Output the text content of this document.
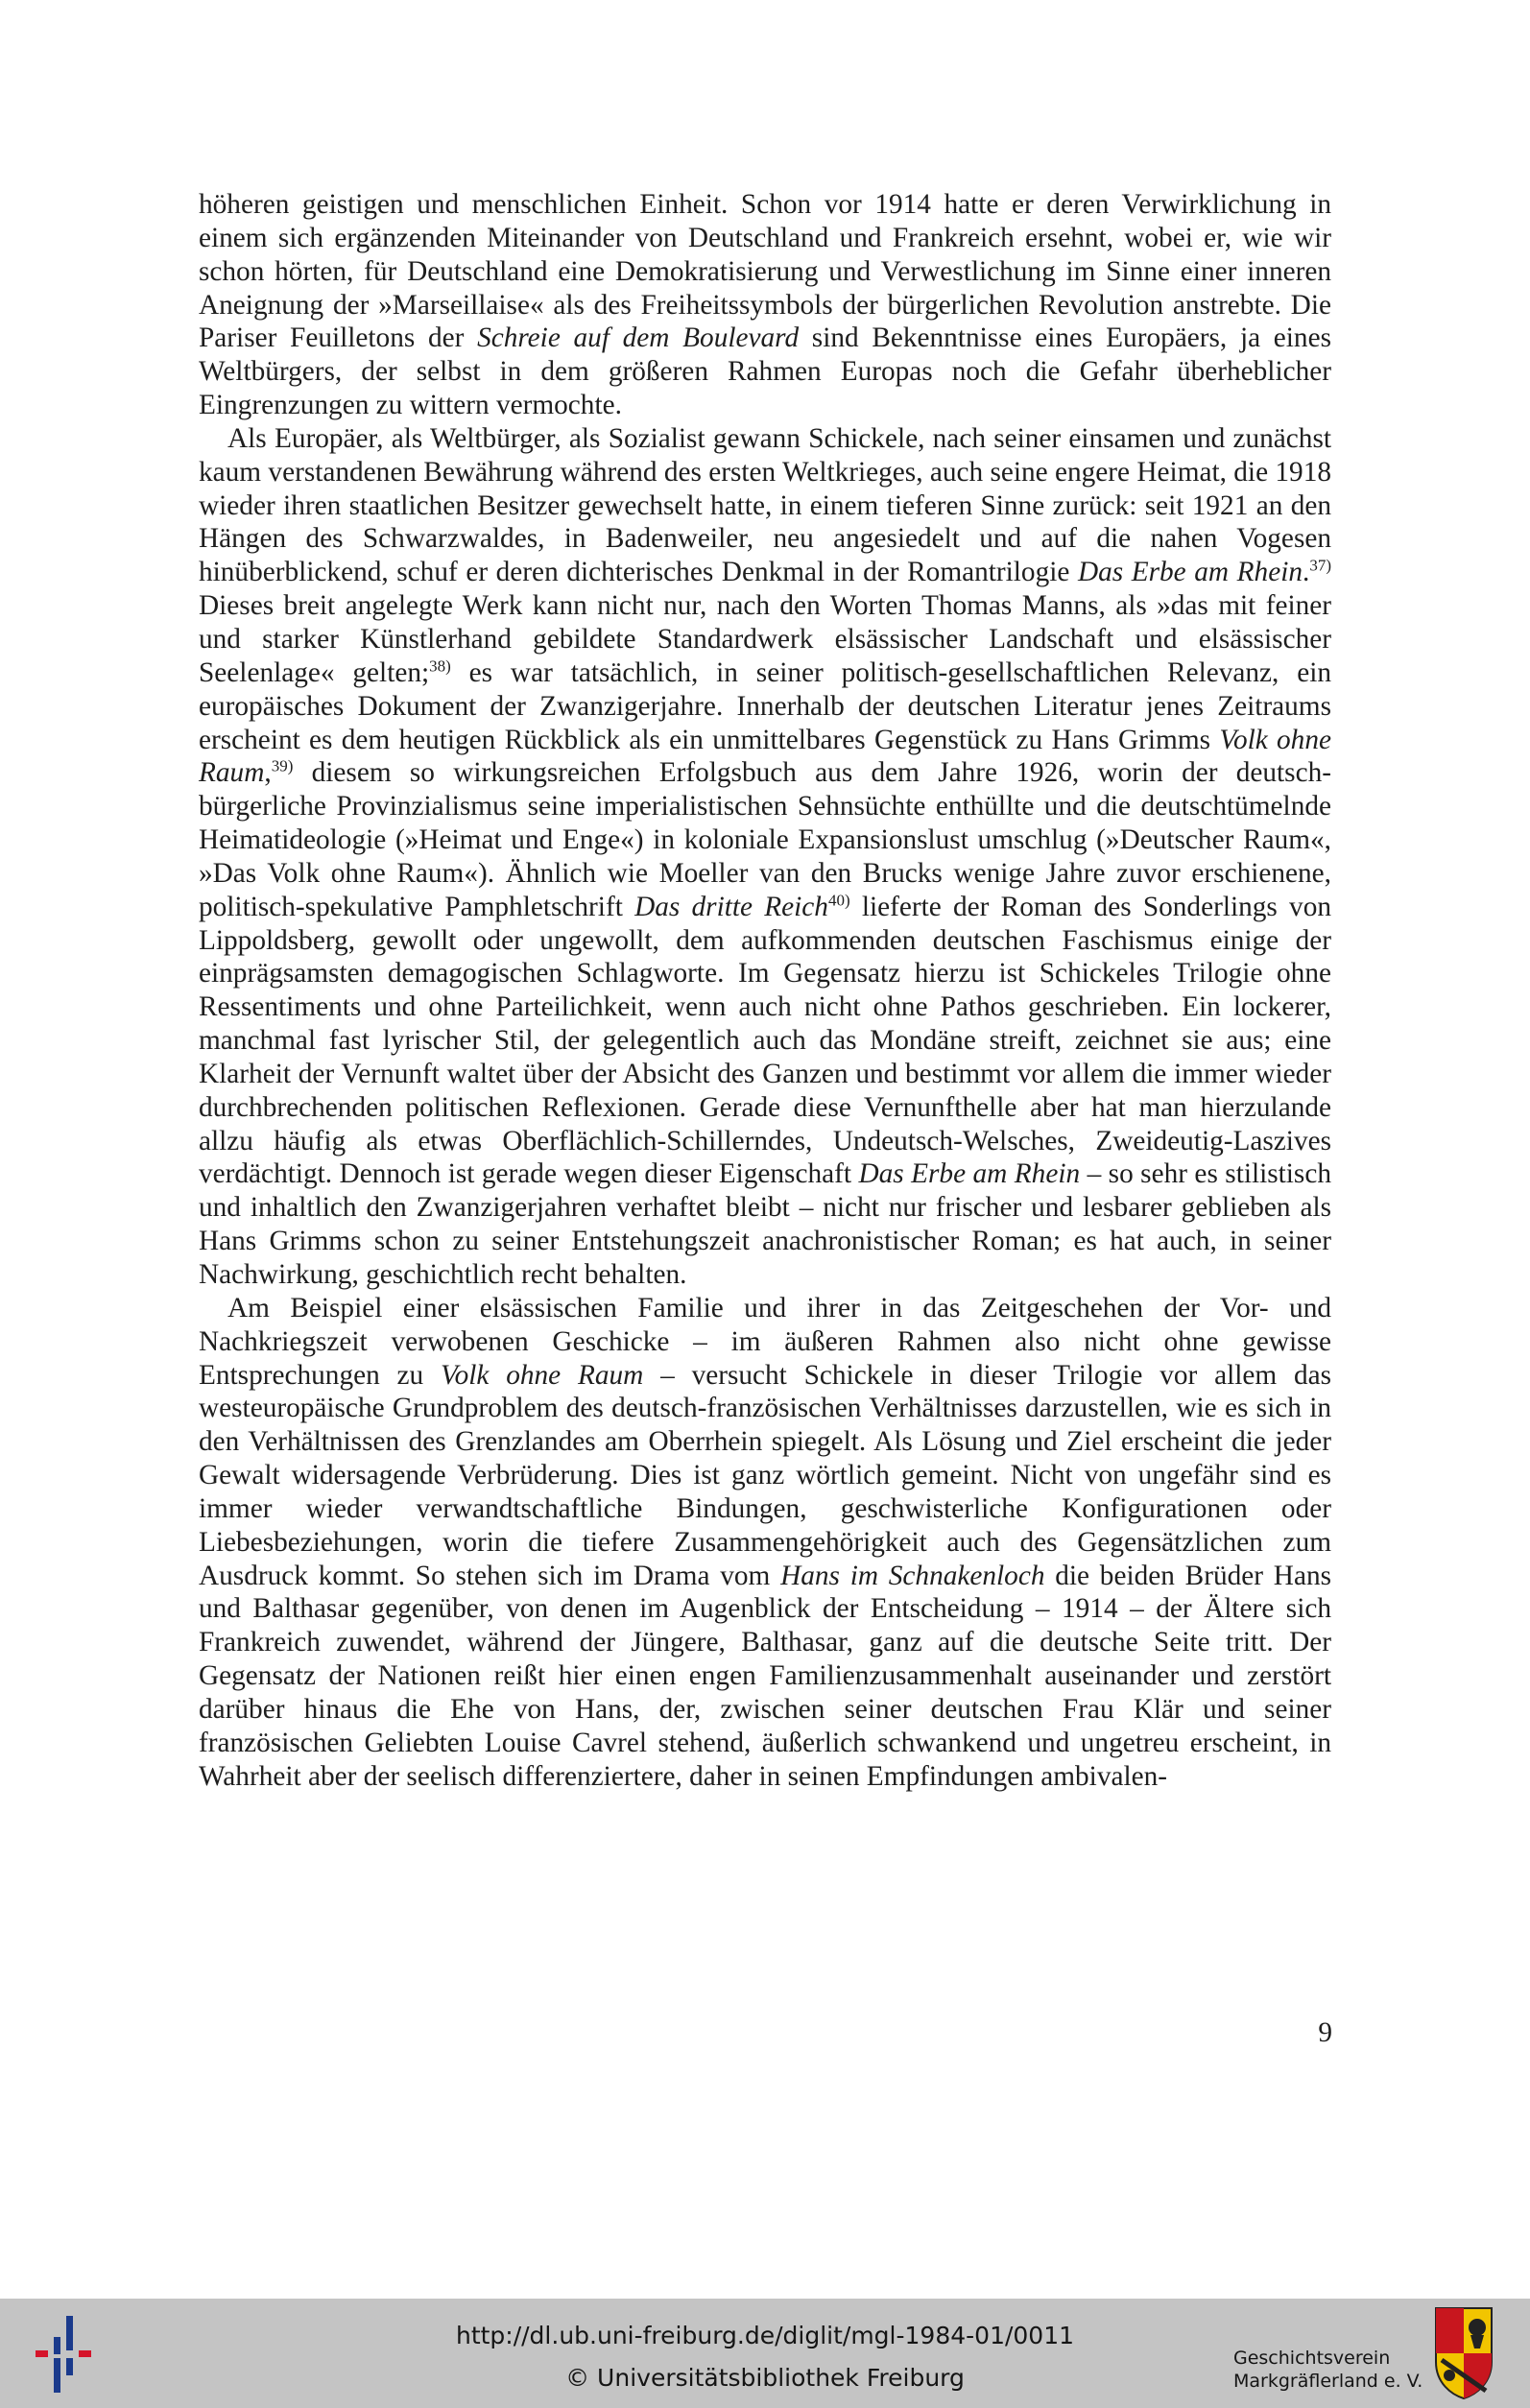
höheren geistigen und menschlichen Einheit. Schon vor 1914 hatte er deren Verwirklichung in einem sich ergänzenden Miteinander von Deutschland und Frankreich ersehnt, wobei er, wie wir schon hörten, für Deutschland eine Demokratisierung und Verwestlichung im Sinne einer inneren Aneignung der »Marseillaise« als des Freiheitssymbols der bürgerlichen Revolution anstrebte. Die Pariser Feuilletons der Schreie auf dem Boulevard sind Bekenntnisse eines Europäers, ja eines Weltbürgers, der selbst in dem größeren Rahmen Europas noch die Gefahr überheblicher Eingrenzungen zu wittern vermochte.

Als Europäer, als Weltbürger, als Sozialist gewann Schickele, nach seiner einsamen und zunächst kaum verstandenen Bewährung während des ersten Weltkrieges, auch seine engere Heimat, die 1918 wieder ihren staatlichen Besitzer gewechselt hatte, in einem tieferen Sinne zurück: seit 1921 an den Hängen des Schwarzwaldes, in Badenweiler, neu angesiedelt und auf die nahen Vogesen hinüberblickend, schuf er deren dichterisches Denkmal in der Romantrilogie Das Erbe am Rhein.$^{37)}$ Dieses breit angelegte Werk kann nicht nur, nach den Worten Thomas Manns, als »das mit feiner und starker Künstlerhand gebildete Standardwerk elsässischer Landschaft und elsässischer Seelenlage« gelten;$^{38)}$ es war tatsächlich, in seiner politisch-gesellschaftlichen Relevanz, ein europäisches Dokument der Zwanzigerjahre. Innerhalb der deutschen Literatur jenes Zeitraums erscheint es dem heutigen Rückblick als ein unmittelbares Gegenstück zu Hans Grimms Volk ohne Raum,$^{39)}$ diesem so wirkungsreichen Erfolgsbuch aus dem Jahre 1926, worin der deutsch-bürgerliche Provinzialismus seine imperialistischen Sehnsüchte enthüllte und die deutschtümelnde Heimatideologie (»Heimat und Enge«) in koloniale Expansionslust umschlug (»Deutscher Raum«, »Das Volk ohne Raum«). Ähnlich wie Moeller van den Brucks wenige Jahre zuvor erschienene, politisch-spekulative Pamphletschrift Das dritte Reich$^{40)}$ lieferte der Roman des Sonderlings von Lippoldsberg, gewollt oder ungewollt, dem aufkommenden deutschen Faschismus einige der einprägsamsten demagogischen Schlagworte. Im Gegensatz hierzu ist Schickeles Trilogie ohne Ressentiments und ohne Parteilichkeit, wenn auch nicht ohne Pathos geschrieben. Ein lockerer, manchmal fast lyrischer Stil, der gelegentlich auch das Mondäne streift, zeichnet sie aus; eine Klarheit der Vernunft waltet über der Absicht des Ganzen und bestimmt vor allem die immer wieder durchbrechenden politischen Reflexionen. Gerade diese Vernunfthelle aber hat man hierzulande allzu häufig als etwas Oberflächlich-Schillerndes, Undeutsch-Welsches, Zweideutig-Laszives verdächtigt. Dennoch ist gerade wegen dieser Eigenschaft Das Erbe am Rhein – so sehr es stilistisch und inhaltlich den Zwanzigerjahren verhaftet bleibt – nicht nur frischer und lesbarer geblieben als Hans Grimms schon zu seiner Entstehungszeit anachronistischer Roman; es hat auch, in seiner Nachwirkung, geschichtlich recht behalten.

Am Beispiel einer elsässischen Familie und ihrer in das Zeitgeschehen der Vor- und Nachkriegszeit verwobenen Geschicke – im äußeren Rahmen also nicht ohne gewisse Entsprechungen zu Volk ohne Raum – versucht Schickele in dieser Trilogie vor allem das westeuropäische Grundproblem des deutsch-französischen Verhältnisses darzustellen, wie es sich in den Verhältnissen des Grenzlandes am Oberrhein spiegelt. Als Lösung und Ziel erscheint die jeder Gewalt widersagende Verbrüderung. Dies ist ganz wörtlich gemeint. Nicht von ungefähr sind es immer wieder verwandtschaftliche Bindungen, geschwisterliche Konfigurationen oder Liebesbeziehungen, worin die tiefere Zusammengehörigkeit auch des Gegensätzlichen zum Ausdruck kommt. So stehen sich im Drama vom Hans im Schnakenloch die beiden Brüder Hans und Balthasar gegenüber, von denen im Augenblick der Entscheidung – 1914 – der Ältere sich Frankreich zuwendet, während der Jüngere, Balthasar, ganz auf die deutsche Seite tritt. Der Gegensatz der Nationen reißt hier einen engen Familienzusammenhalt auseinander und zerstört darüber hinaus die Ehe von Hans, der, zwischen seiner deutschen Frau Klär und seiner französischen Geliebten Louise Cavrel stehend, äußerlich schwankend und ungetreu erscheint, in Wahrheit aber der seelisch differenziertere, daher in seinen Empfindungen ambivalen-

9
http://dl.ub.uni-freiburg.de/diglit/mgl-1984-01/0011
© Universitätsbibliothek Freiburg
Geschichtsverein
Markgräflerland e. V.
